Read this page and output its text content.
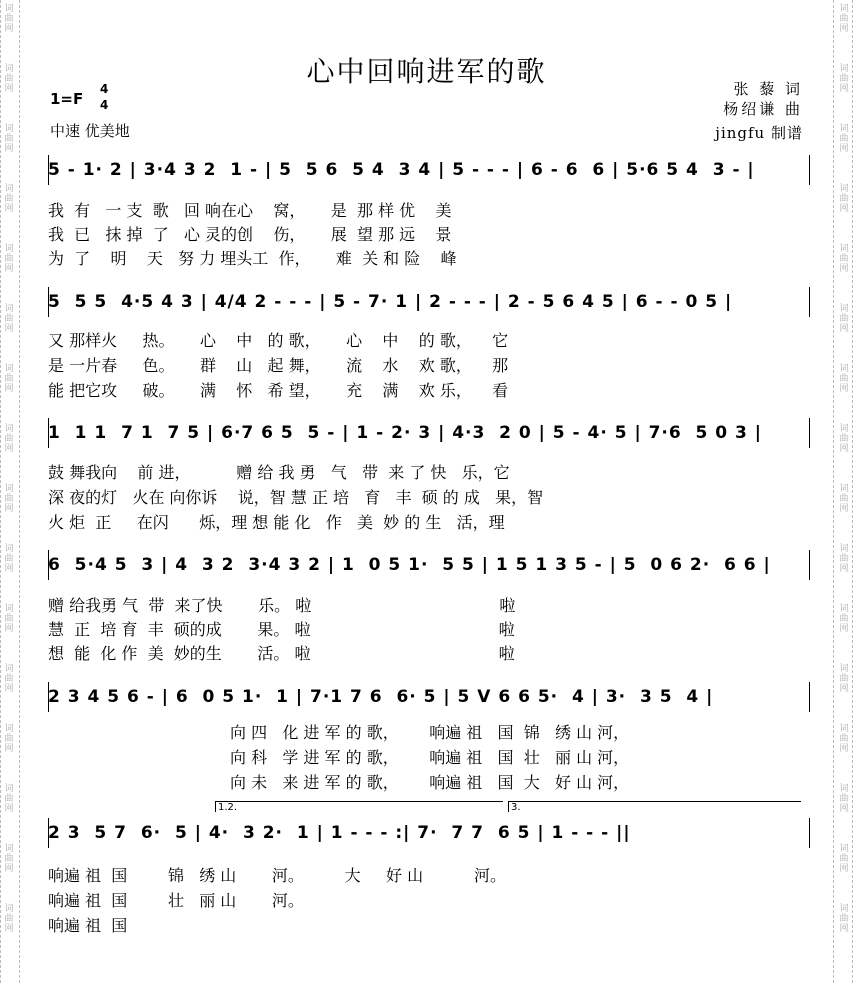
词
曲
网
词
曲
网
词
曲
网
词
曲
网
词
曲
网
词
曲
网
词
曲
网
词
曲
网
词
曲
网
词
曲
网
词
曲
网
词
曲
网
词
曲
网
词
曲
网
词
曲
网
词
曲
网
词
曲
网
词
曲
网
词
曲
网
词
曲
网
词
曲
网
词
曲
网
词
曲
网
词
曲
网
词
曲
网
词
曲
网
词
曲
网
词
曲
网
词
曲
网
词
曲
网
词
曲
网
词
曲
网
心中回响进军的歌
张 藜 词
杨绍谦 曲
jingfu 制谱
1=F
4
4
中速 优美地
5 - 1· 2 | 3·4 3 2  1 - | 5  5 6  5 4  3 4 | 5 - - - | 6 - 6  6 | 5·6 5 4  3 - |
我  有   一 支  歌   回 响在心    窝，     是  那 样 优    美
我  已   抹 掉  了   心 灵的创    伤，     展  望 那 远    景
为  了    明    天   努 力 埋头工  作，     难  关 和 险    峰
5  5 5  4·5 4 3 | 4/4 2 - - - | 5 - 7· 1 | 2 - - - | 2 - 5 6 4 5 | 6 - - 0 5 |
又 那样火     热。     心    中   的 歌，     心    中    的 歌，    它
是 一片春     色。     群    山   起 舞，     流    水    欢 歌，    那
能 把它攻     破。     满    怀   希 望，     充    满    欢 乐，    看
1  1 1  7 1  7 5 | 6·7 6 5  5 - | 1 - 2· 3 | 4·3  2 0 | 5 - 4· 5 | 7·6  5 0 3 |
鼓 舞我向    前 进，         赠 给 我 勇   气   带  来 了 快   乐，它
深 夜的灯   火在 向你诉    说，智 慧 正 培   育   丰  硕 的 成   果，智
火 炬  正     在闪      烁，理 想 能 化   作   美  妙 的 生   活，理
6  5·4 5  3 | 4  3 2  3·4 3 2 | 1  0 5 1·  5 5 | 1 5 1 3 5 - | 5  0 6 2·  6 6 |
赠 给我勇 气  带  来了快       乐。 啦                                     啦
慧  正  培 育  丰  硕的成       果。 啦                                     啦
想  能  化 作  美  妙的生       活。 啦                                     啦
2 3 4 5 6 - | 6  0 5 1·  1 | 7·1 7 6  6· 5 | 5 V 6 6 5·  4 | 3·  3 5  4 |
向 四   化 进 军 的 歌，      响遍 祖   国  锦   绣 山 河，
向 科   学 进 军 的 歌，      响遍 祖   国  壮   丽 山 河，
向 未   来 进 军 的 歌，      响遍 祖   国  大   好 山 河，
1.2.	3.
2 3  5 7  6·  5 | 4·  3 2·  1 | 1 - - - :| 7·  7 7  6 5 | 1 - - - ||
响遍 祖  国        锦   绣 山       河。        大     好 山          河。
响遍 祖  国        壮   丽 山       河。
响遍 祖  国
